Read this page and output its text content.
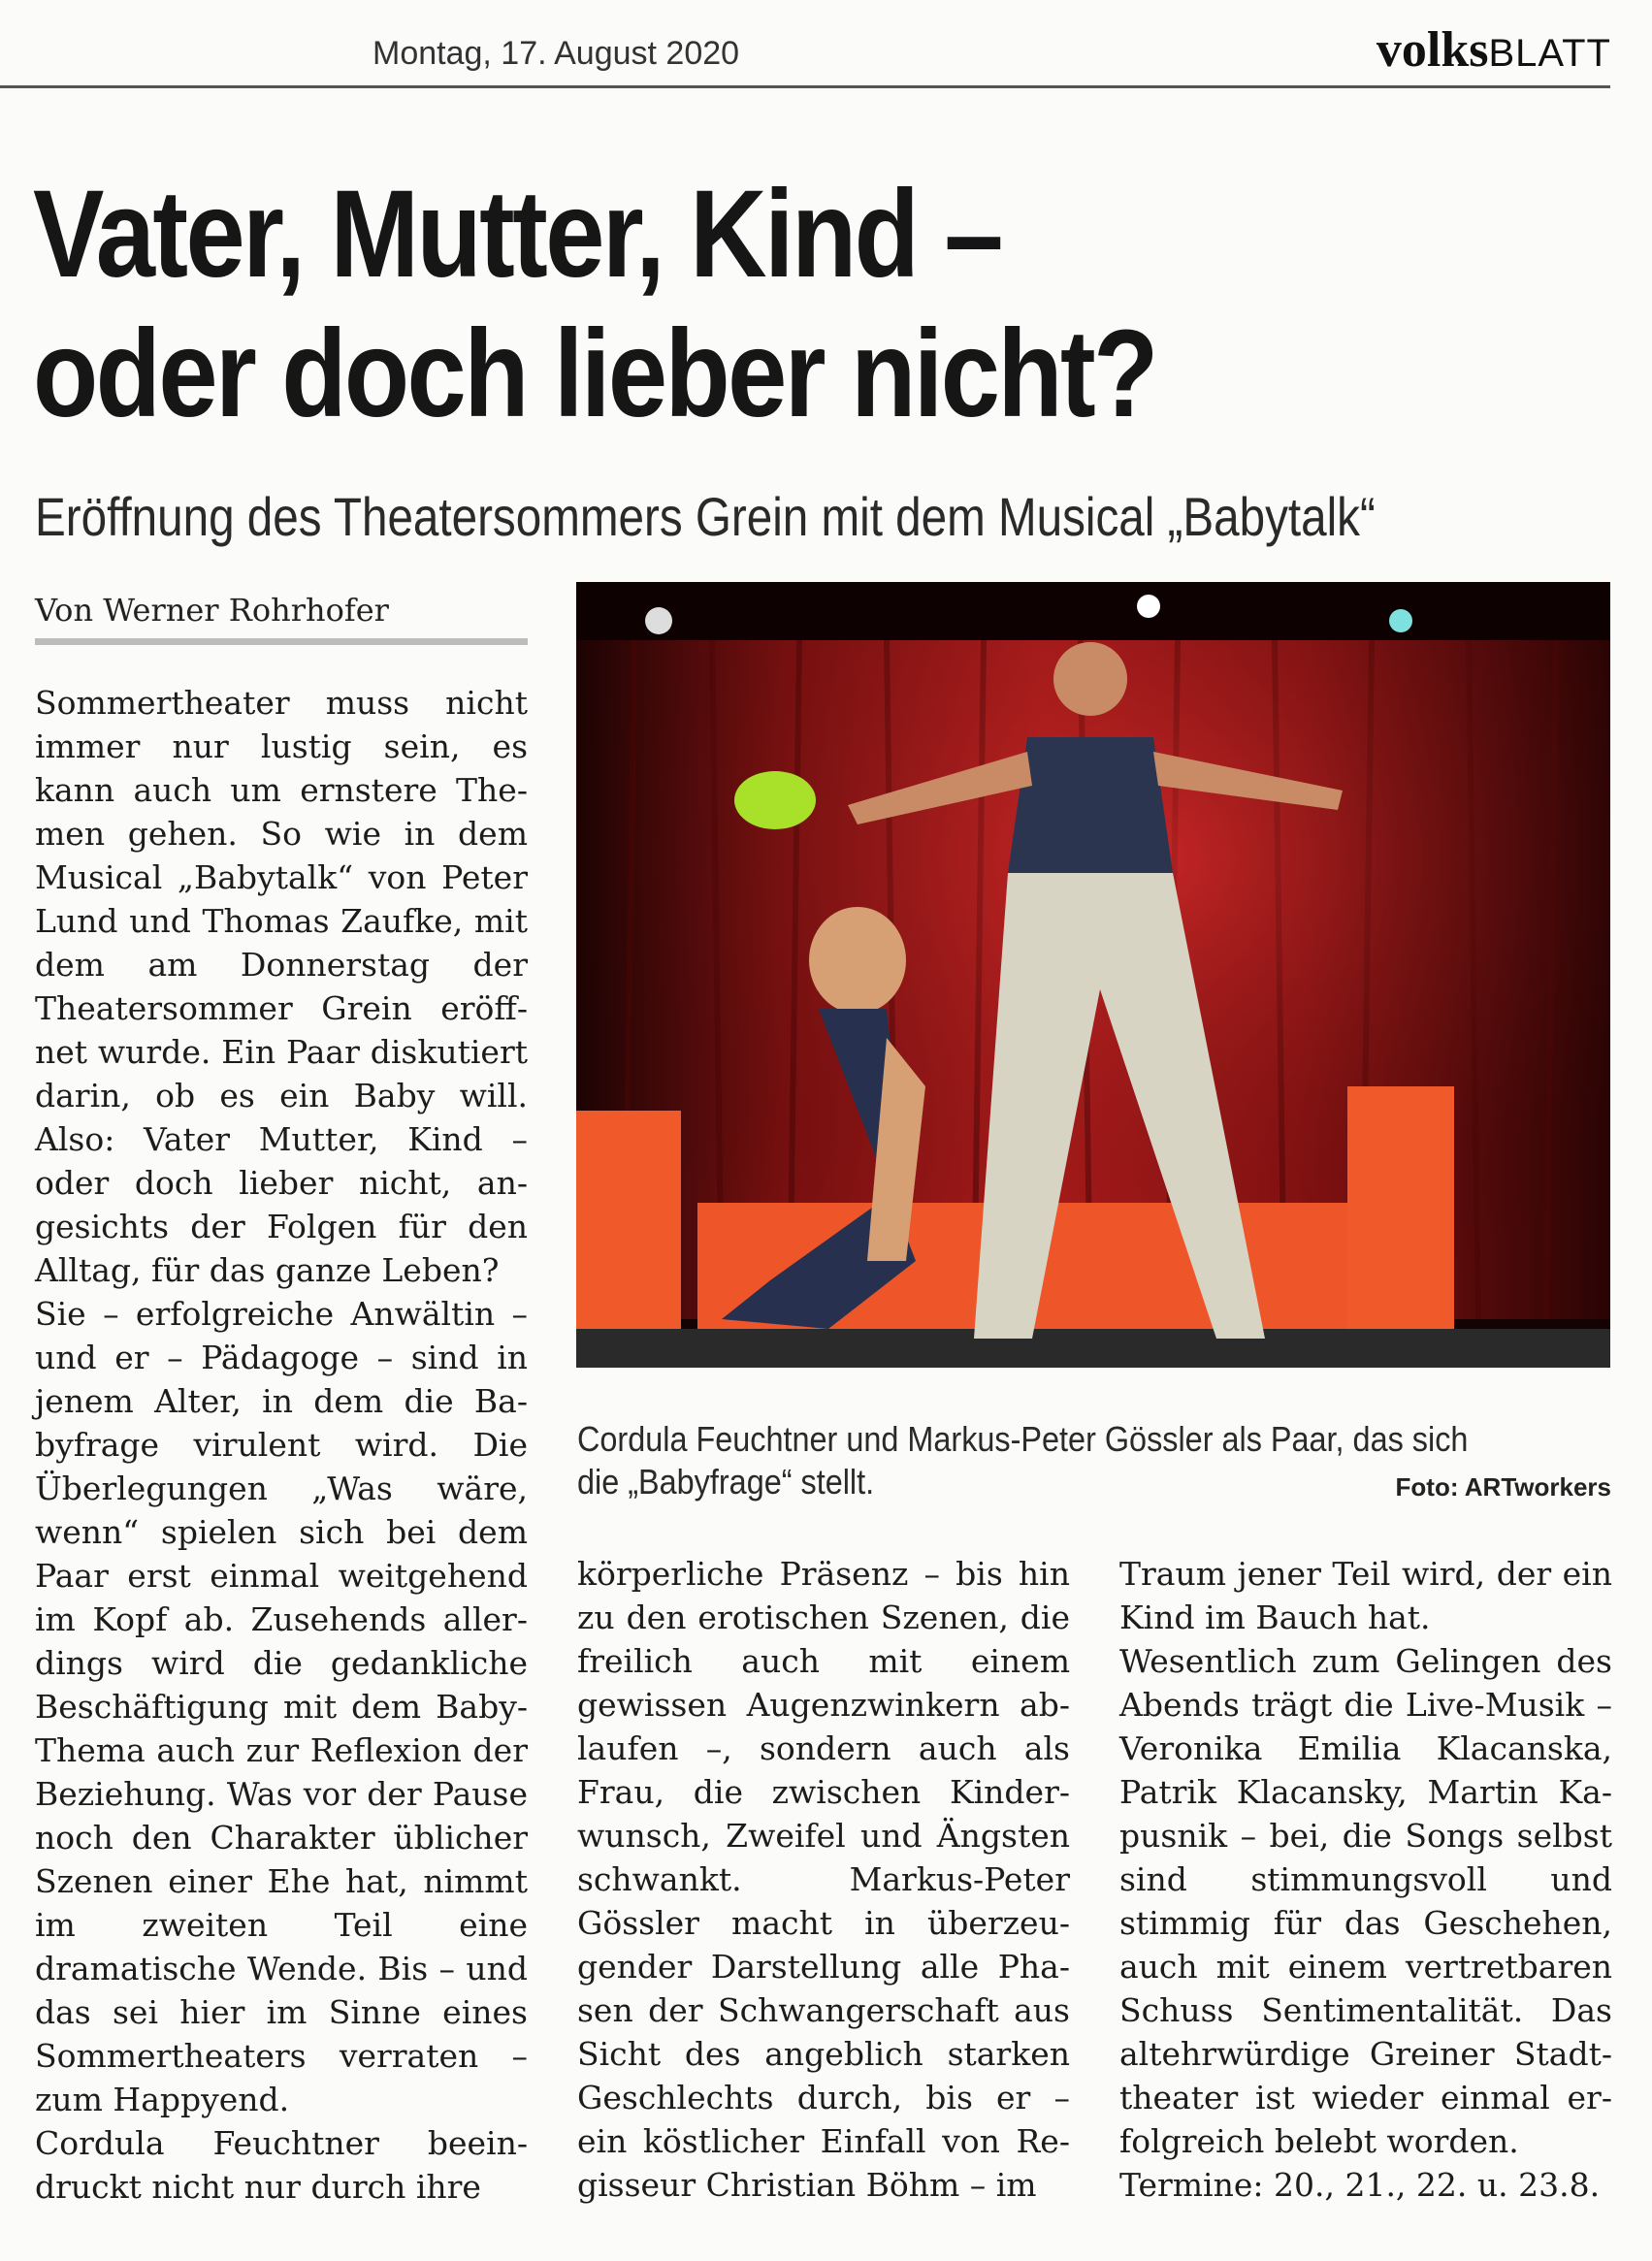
Montag, 17. August 2020	volksBLATT
Vater, Mutter, Kind –
oder doch lieber nicht?
Eröffnung des Theatersommers Grein mit dem Musical „Babytalk“
Von Werner Rohrhofer

Sommertheater muss nicht immer nur lustig sein, es kann auch um ernstere Themen gehen. So wie in dem Musical „Babytalk“ von Peter Lund und Thomas Zaufke, mit dem am Donnerstag der Theatersommer Grein eröffnet wurde. Ein Paar diskutiert darin, ob es ein Baby will. Also: Vater Mutter, Kind – oder doch lieber nicht, angesichts der Folgen für den Alltag, für das ganze Leben?

Sie – erfolgreiche Anwältin – und er – Pädagoge – sind in jenem Alter, in dem die Babyfrage virulent wird. Die Überlegungen „Was wäre, wenn“ spielen sich bei dem Paar erst einmal weitgehend im Kopf ab. Zusehends allerdings wird die gedankliche Beschäftigung mit dem Baby-Thema auch zur Reflexion der Beziehung. Was vor der Pause noch den Charakter üblicher Szenen einer Ehe hat, nimmt im zweiten Teil eine dramatische Wende. Bis – und das sei hier im Sinne eines Sommertheaters verraten – zum Happyend.

Cordula Feuchtner beeindruckt nicht nur durch ihre

Cordula Feuchtner und Markus-Peter Gössler als Paar, das sich die „Babyfrage“ stellt.	Foto: ARTworkers

körperliche Präsenz – bis hin zu den erotischen Szenen, die freilich auch mit einem gewissen Augenzwinkern ablaufen –, sondern auch als Frau, die zwischen Kinderwunsch, Zweifel und Ängsten schwankt. Markus-Peter Gössler macht in überzeugender Darstellung alle Phasen der Schwangerschaft aus Sicht des angeblich starken Geschlechts durch, bis er – ein köstlicher Einfall von Regisseur Christian Böhm – im

Traum jener Teil wird, der ein Kind im Bauch hat.

Wesentlich zum Gelingen des Abends trägt die Live-Musik – Veronika Emilia Klacanska, Patrik Klacansky, Martin Kapusnik – bei, die Songs selbst sind stimmungsvoll und stimmig für das Geschehen, auch mit einem vertretbaren Schuss Sentimentalität. Das altehrwürdige Greiner Stadttheater ist wieder einmal erfolgreich belebt worden.

Termine: 20., 21., 22. u. 23.8.
